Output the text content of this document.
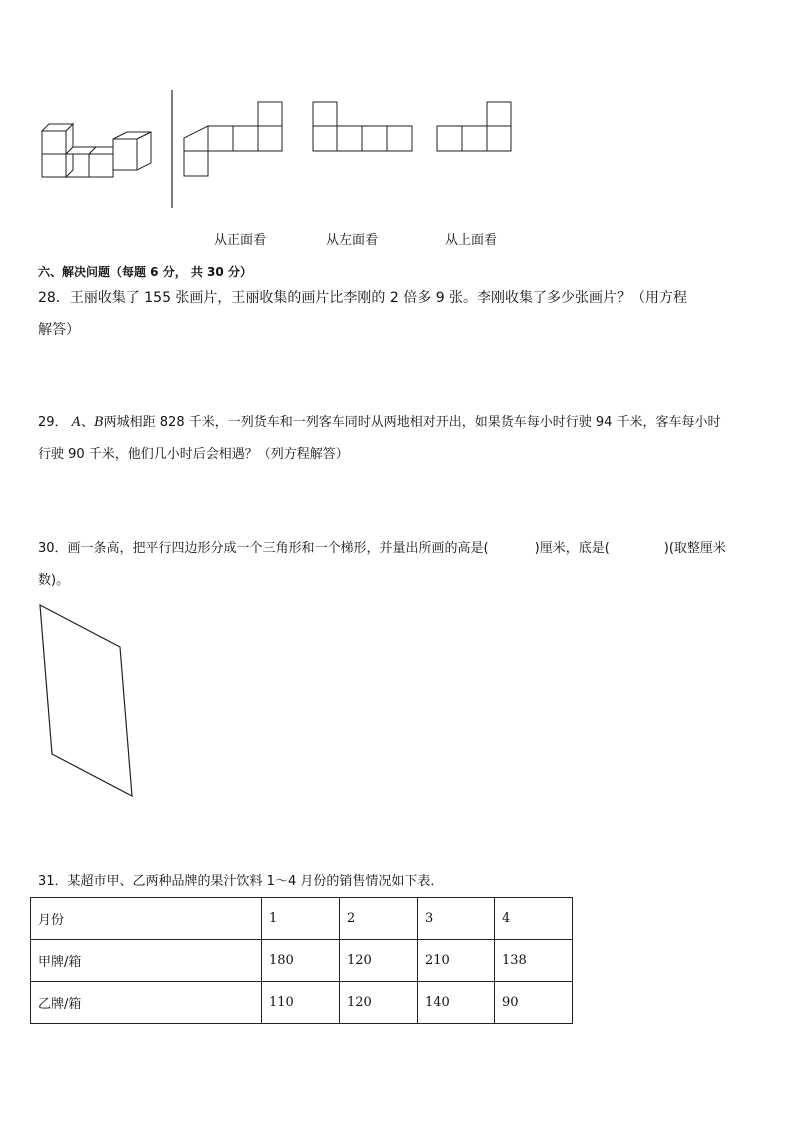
从正面看	从左面看	从上面看
六、解决问题（每题 6 分， 共 30 分）
28．王丽收集了 155 张画片，王丽收集的画片比李刚的 2 倍多 9 张。李刚收集了多少张画片？（用方程
解答）
29． A、B两城相距 828 千米，一列货车和一列客车同时从两地相对开出，如果货车每小时行驶 94 千米，客车每小时
行驶 90 千米，他们几小时后会相遇？（列方程解答）
30．画一条高，把平行四边形分成一个三角形和一个梯形，并量出所画的高是(	)厘米，底是(	)(取整厘米
数)。
31．某超市甲、乙两种品牌的果汁饮料 1～4 月份的销售情况如下表．
月份	1	2	3	4
甲牌/箱	180	120	210	138
乙牌/箱	110	120	140	90
